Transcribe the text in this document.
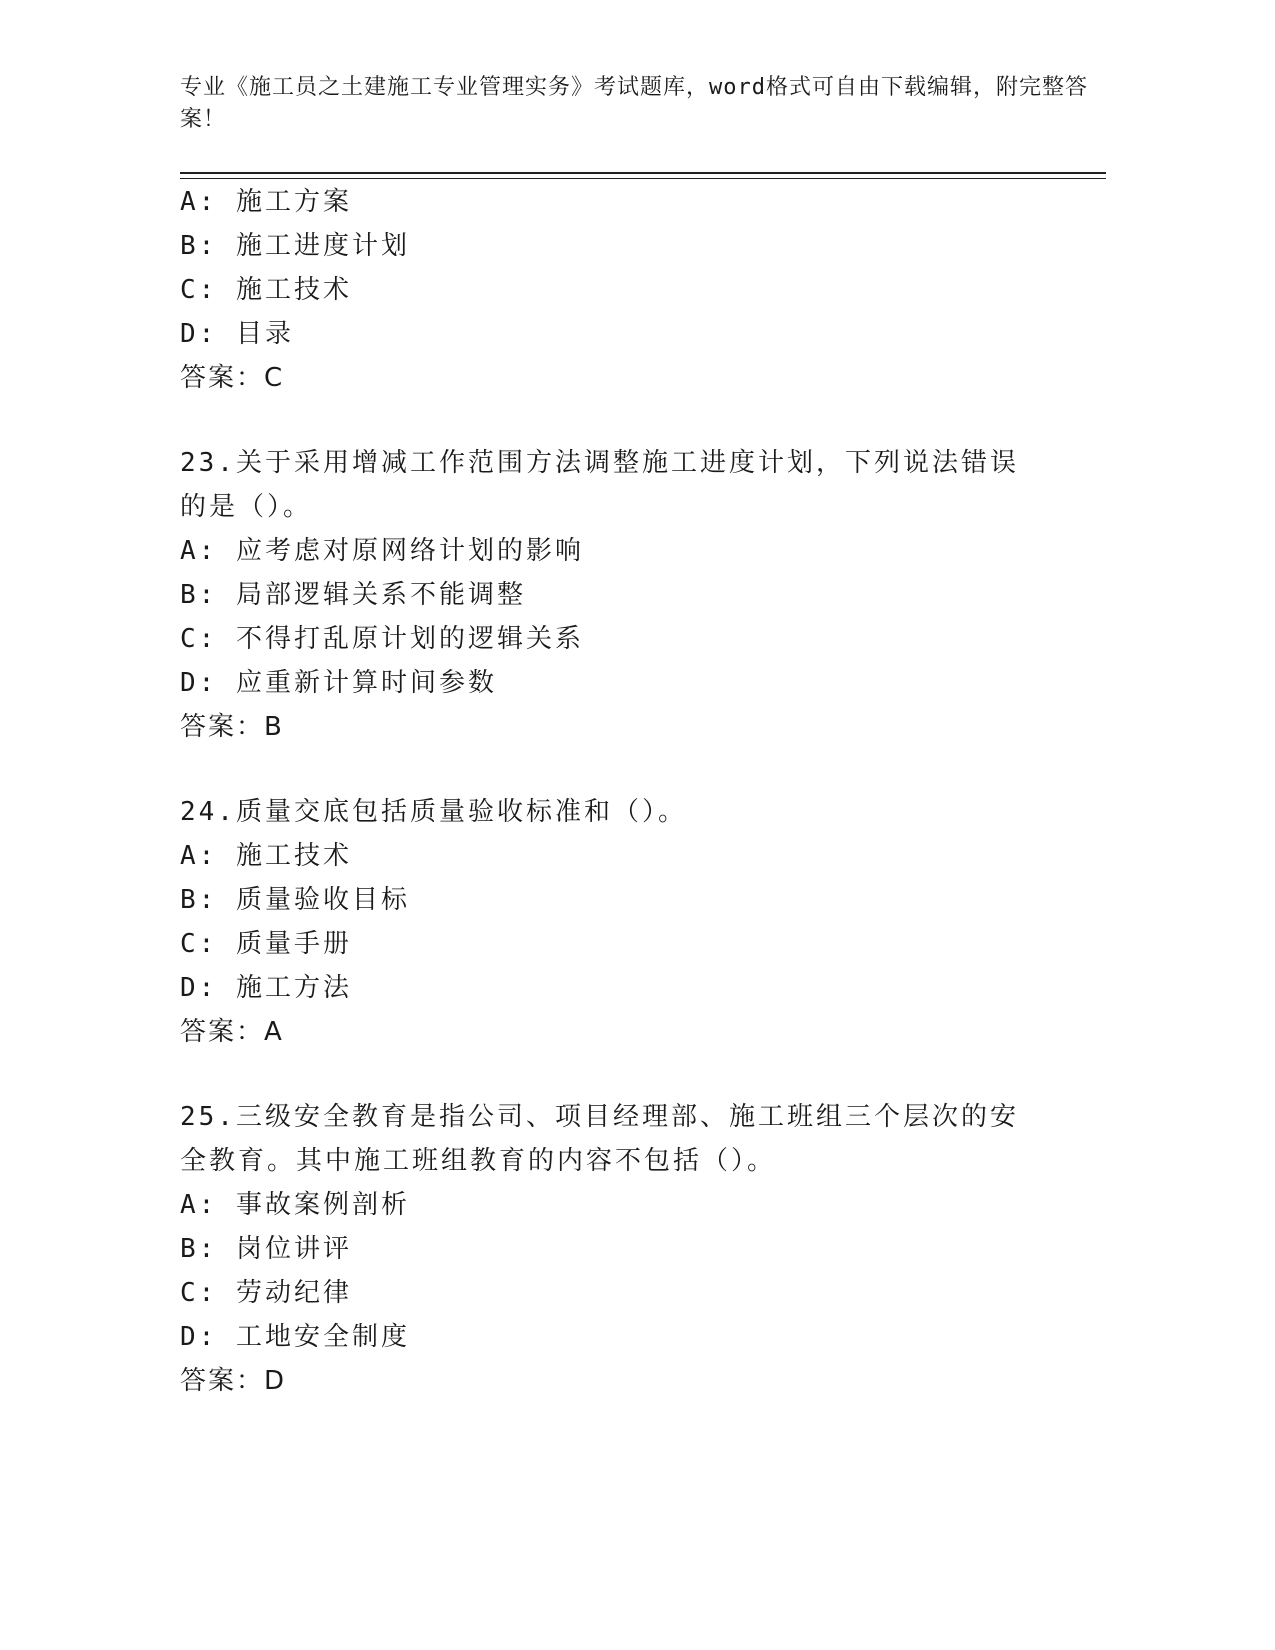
专业《施工员之土建施工专业管理实务》考试题库，word格式可自由下载编辑，附完整答案！
A: 施工方案
B: 施工进度计划
C: 施工技术
D: 目录
答案：C
23.关于采用增减工作范围方法调整施工进度计划，下列说法错误的是（）。
A: 应考虑对原网络计划的影响
B: 局部逻辑关系不能调整
C: 不得打乱原计划的逻辑关系
D: 应重新计算时间参数
答案：B
24.质量交底包括质量验收标准和（）。
A: 施工技术
B: 质量验收目标
C: 质量手册
D: 施工方法
答案：A
25.三级安全教育是指公司、项目经理部、施工班组三个层次的安全教育。其中施工班组教育的内容不包括（）。
A: 事故案例剖析
B: 岗位讲评
C: 劳动纪律
D: 工地安全制度
答案：D
